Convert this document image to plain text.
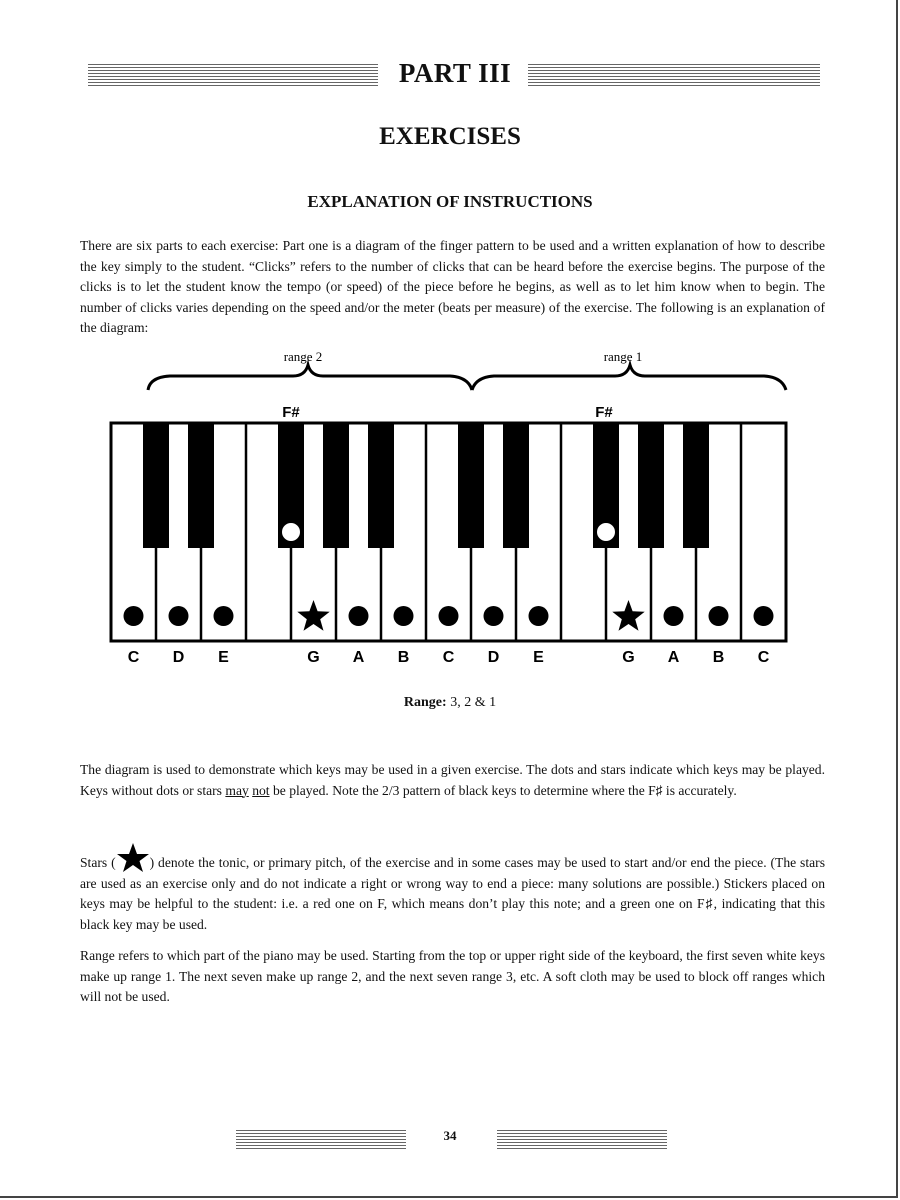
PART III
EXERCISES
EXPLANATION OF INSTRUCTIONS

There are six parts to each exercise: Part one is a diagram of the finger pattern to be used and a written explanation of how to describe the key simply to the student. “Clicks” refers to the number of clicks that can be heard before the exercise begins. The purpose of the clicks is to let the student know the tempo (or speed) of the piece before he begins, as well as to let him know when to begin. The number of clicks varies depending on the speed and/or the meter (beats per measure) of the exercise. The following is an explanation of the diagram:

range 2	range 1
F#	F#
C D E	G A B C D E	G A B C
Range: 3, 2 & 1

The diagram is used to demonstrate which keys may be used in a given exercise. The dots and stars indicate which keys may be played. Keys without dots or stars may not be played. Note the 2/3 pattern of black keys to determine where the F♯ is accurately.

Stars (	) denote the tonic, or primary pitch, of the exercise and in some cases may be used to start and/or end the piece. (The stars are used as an exercise only and do not indicate a right or wrong way to end a piece: many solutions are possible.) Stickers placed on keys may be helpful to the student: i.e. a red one on F, which means don’t play this note; and a green one on F♯, indicating that this black key may be used.

Range refers to which part of the piano may be used. Starting from the top or upper right side of the keyboard, the first seven white keys make up range 1. The next seven make up range 2, and the next seven range 3, etc. A soft cloth may be used to block off ranges which will not be used.

34
